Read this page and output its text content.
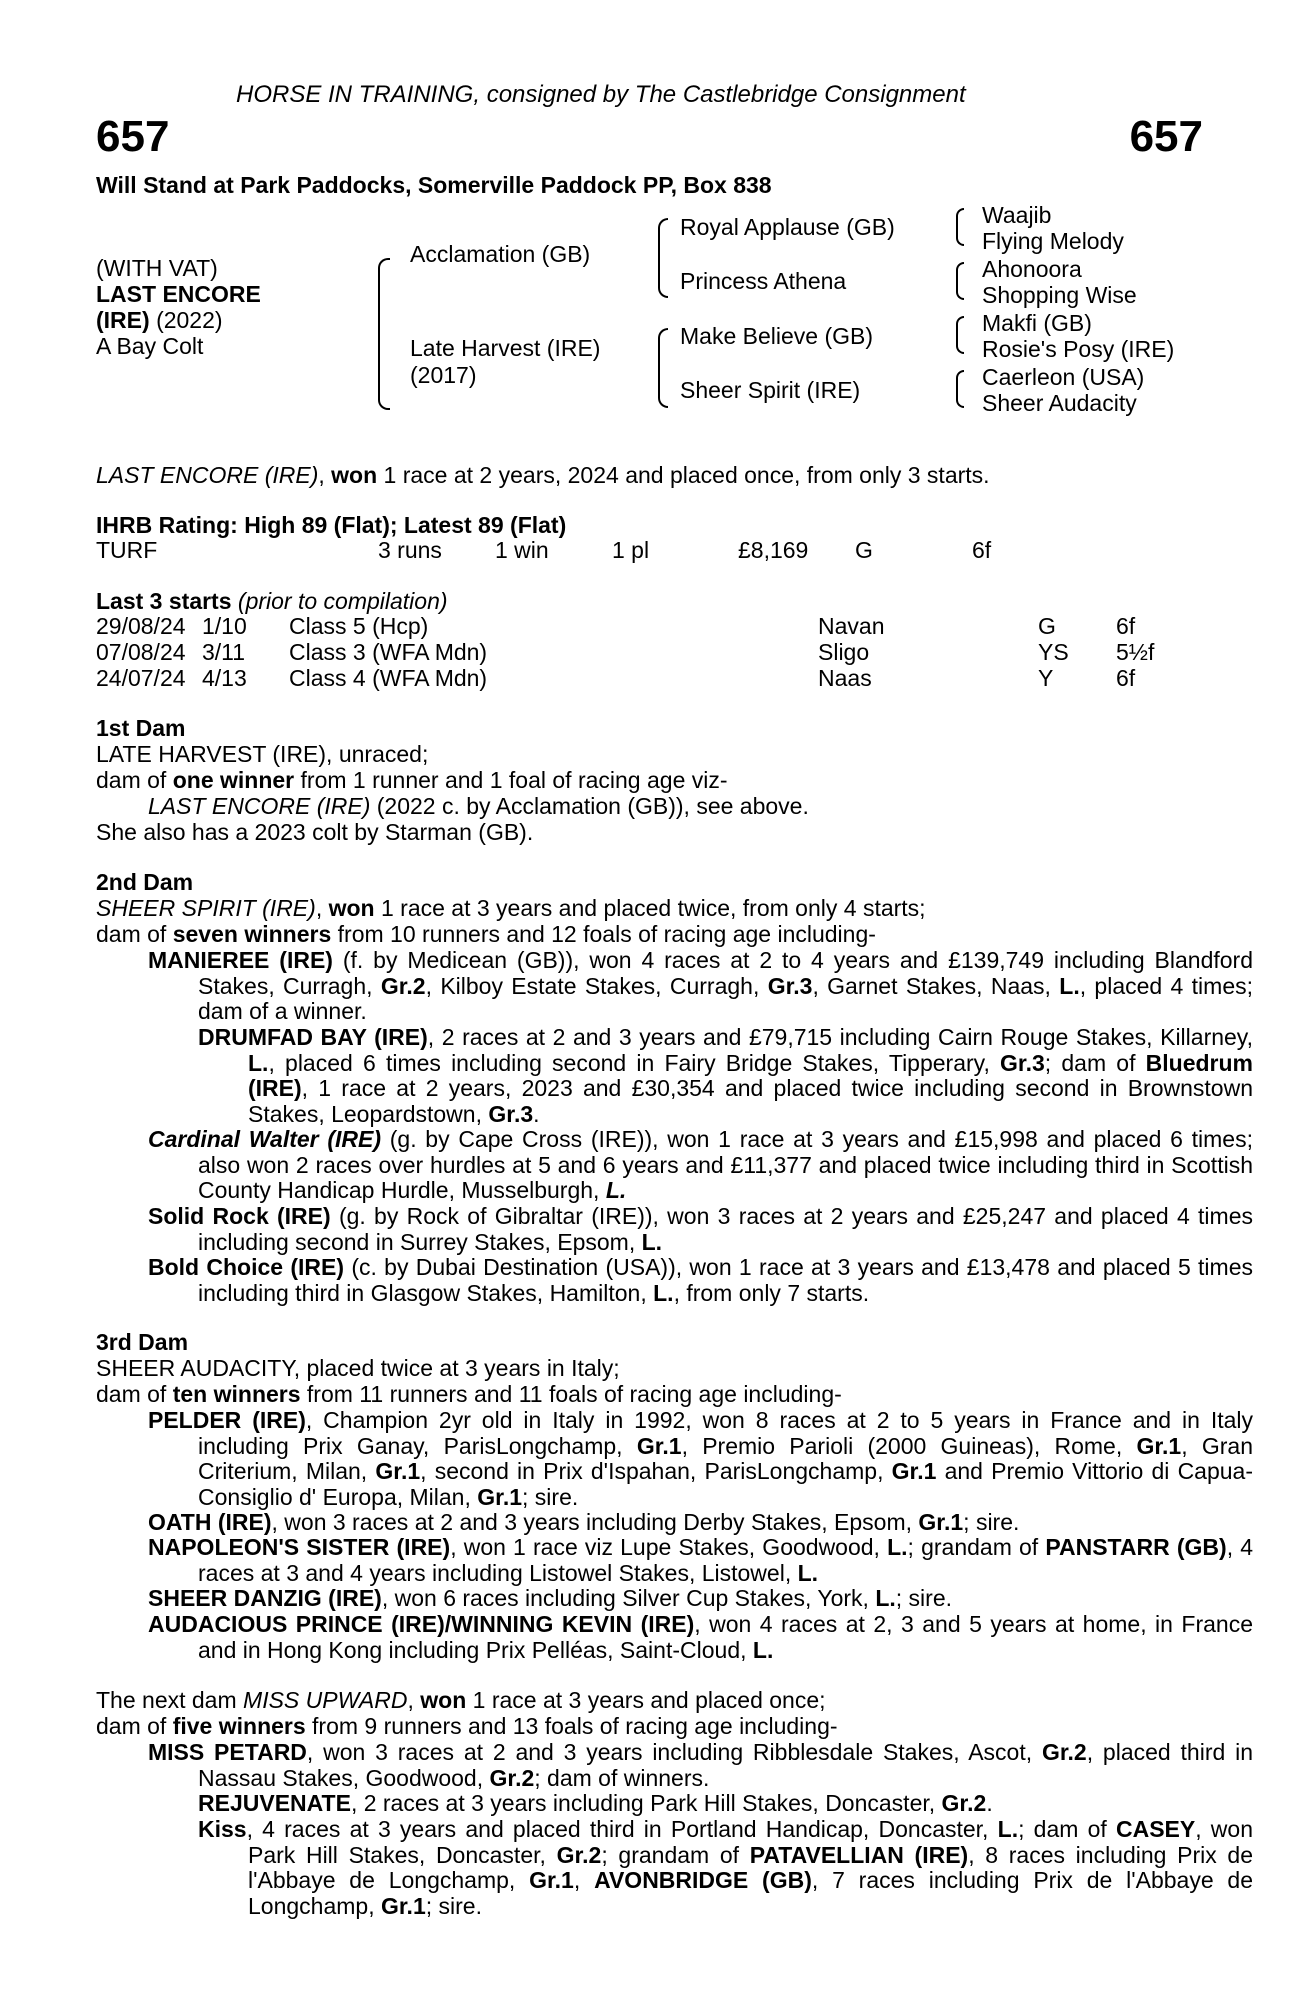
HORSE IN TRAINING, consigned by The Castlebridge Consignment
657	657
Will Stand at Park Paddocks, Somerville Paddock PP, Box 838
(WITH VAT)
LAST ENCORE
(IRE) (2022)
A Bay Colt
Acclamation (GB)
Late Harvest (IRE)
(2017)
Royal Applause (GB)
Princess Athena
Make Believe (GB)
Sheer Spirit (IRE)
Waajib
Flying Melody
Ahonoora
Shopping Wise
Makfi (GB)
Rosie's Posy (IRE)
Caerleon (USA)
Sheer Audacity
LAST ENCORE (IRE), won 1 race at 2 years, 2024 and placed once, from only 3 starts.
IHRB Rating: High 89 (Flat); Latest 89 (Flat)
TURF	3 runs 1 win	1 pl	£8,169 G	6f
Last 3 starts (prior to compilation)
29/08/24 1/10 Class 5 (Hcp)	Navan	G	6f
07/08/24 3/11 Class 3 (WFA Mdn)	Sligo	YS 5½f
24/07/24 4/13 Class 4 (WFA Mdn)	Naas	Y	6f
1st Dam
LATE HARVEST (IRE), unraced;
dam of one winner from 1 runner and 1 foal of racing age viz-
LAST ENCORE (IRE) (2022 c. by Acclamation (GB)), see above.
She also has a 2023 colt by Starman (GB).
2nd Dam
SHEER SPIRIT (IRE), won 1 race at 3 years and placed twice, from only 4 starts;
dam of seven winners from 10 runners and 12 foals of racing age including-
MANIEREE (IRE) (f. by Medicean (GB)), won 4 races at 2 to 4 years and £139,749 including Blandford Stakes, Curragh, Gr.2, Kilboy Estate Stakes, Curragh, Gr.3, Garnet Stakes, Naas, L., placed 4 times; dam of a winner.
DRUMFAD BAY (IRE), 2 races at 2 and 3 years and £79,715 including Cairn Rouge Stakes, Killarney, L., placed 6 times including second in Fairy Bridge Stakes, Tipperary, Gr.3; dam of Bluedrum (IRE), 1 race at 2 years, 2023 and £30,354 and placed twice including second in Brownstown Stakes, Leopardstown, Gr.3.
Cardinal Walter (IRE) (g. by Cape Cross (IRE)), won 1 race at 3 years and £15,998 and placed 6 times; also won 2 races over hurdles at 5 and 6 years and £11,377 and placed twice including third in Scottish County Handicap Hurdle, Musselburgh, L.
Solid Rock (IRE) (g. by Rock of Gibraltar (IRE)), won 3 races at 2 years and £25,247 and placed 4 times including second in Surrey Stakes, Epsom, L.
Bold Choice (IRE) (c. by Dubai Destination (USA)), won 1 race at 3 years and £13,478 and placed 5 times including third in Glasgow Stakes, Hamilton, L., from only 7 starts.
3rd Dam
SHEER AUDACITY, placed twice at 3 years in Italy;
dam of ten winners from 11 runners and 11 foals of racing age including-
PELDER (IRE), Champion 2yr old in Italy in 1992, won 8 races at 2 to 5 years in France and in Italy including Prix Ganay, ParisLongchamp, Gr.1, Premio Parioli (2000 Guineas), Rome, Gr.1, Gran Criterium, Milan, Gr.1, second in Prix d'Ispahan, ParisLongchamp, Gr.1 and Premio Vittorio di Capua-Consiglio d' Europa, Milan, Gr.1; sire.
OATH (IRE), won 3 races at 2 and 3 years including Derby Stakes, Epsom, Gr.1; sire.
NAPOLEON'S SISTER (IRE), won 1 race viz Lupe Stakes, Goodwood, L.; grandam of PANSTARR (GB), 4 races at 3 and 4 years including Listowel Stakes, Listowel, L.
SHEER DANZIG (IRE), won 6 races including Silver Cup Stakes, York, L.; sire.
AUDACIOUS PRINCE (IRE)/WINNING KEVIN (IRE), won 4 races at 2, 3 and 5 years at home, in France and in Hong Kong including Prix Pelléas, Saint-Cloud, L.
The next dam MISS UPWARD, won 1 race at 3 years and placed once;
dam of five winners from 9 runners and 13 foals of racing age including-
MISS PETARD, won 3 races at 2 and 3 years including Ribblesdale Stakes, Ascot, Gr.2, placed third in Nassau Stakes, Goodwood, Gr.2; dam of winners.
REJUVENATE, 2 races at 3 years including Park Hill Stakes, Doncaster, Gr.2.
Kiss, 4 races at 3 years and placed third in Portland Handicap, Doncaster, L.; dam of CASEY, won Park Hill Stakes, Doncaster, Gr.2; grandam of PATAVELLIAN (IRE), 8 races including Prix de l'Abbaye de Longchamp, Gr.1, AVONBRIDGE (GB), 7 races including Prix de l'Abbaye de Longchamp, Gr.1; sire.
